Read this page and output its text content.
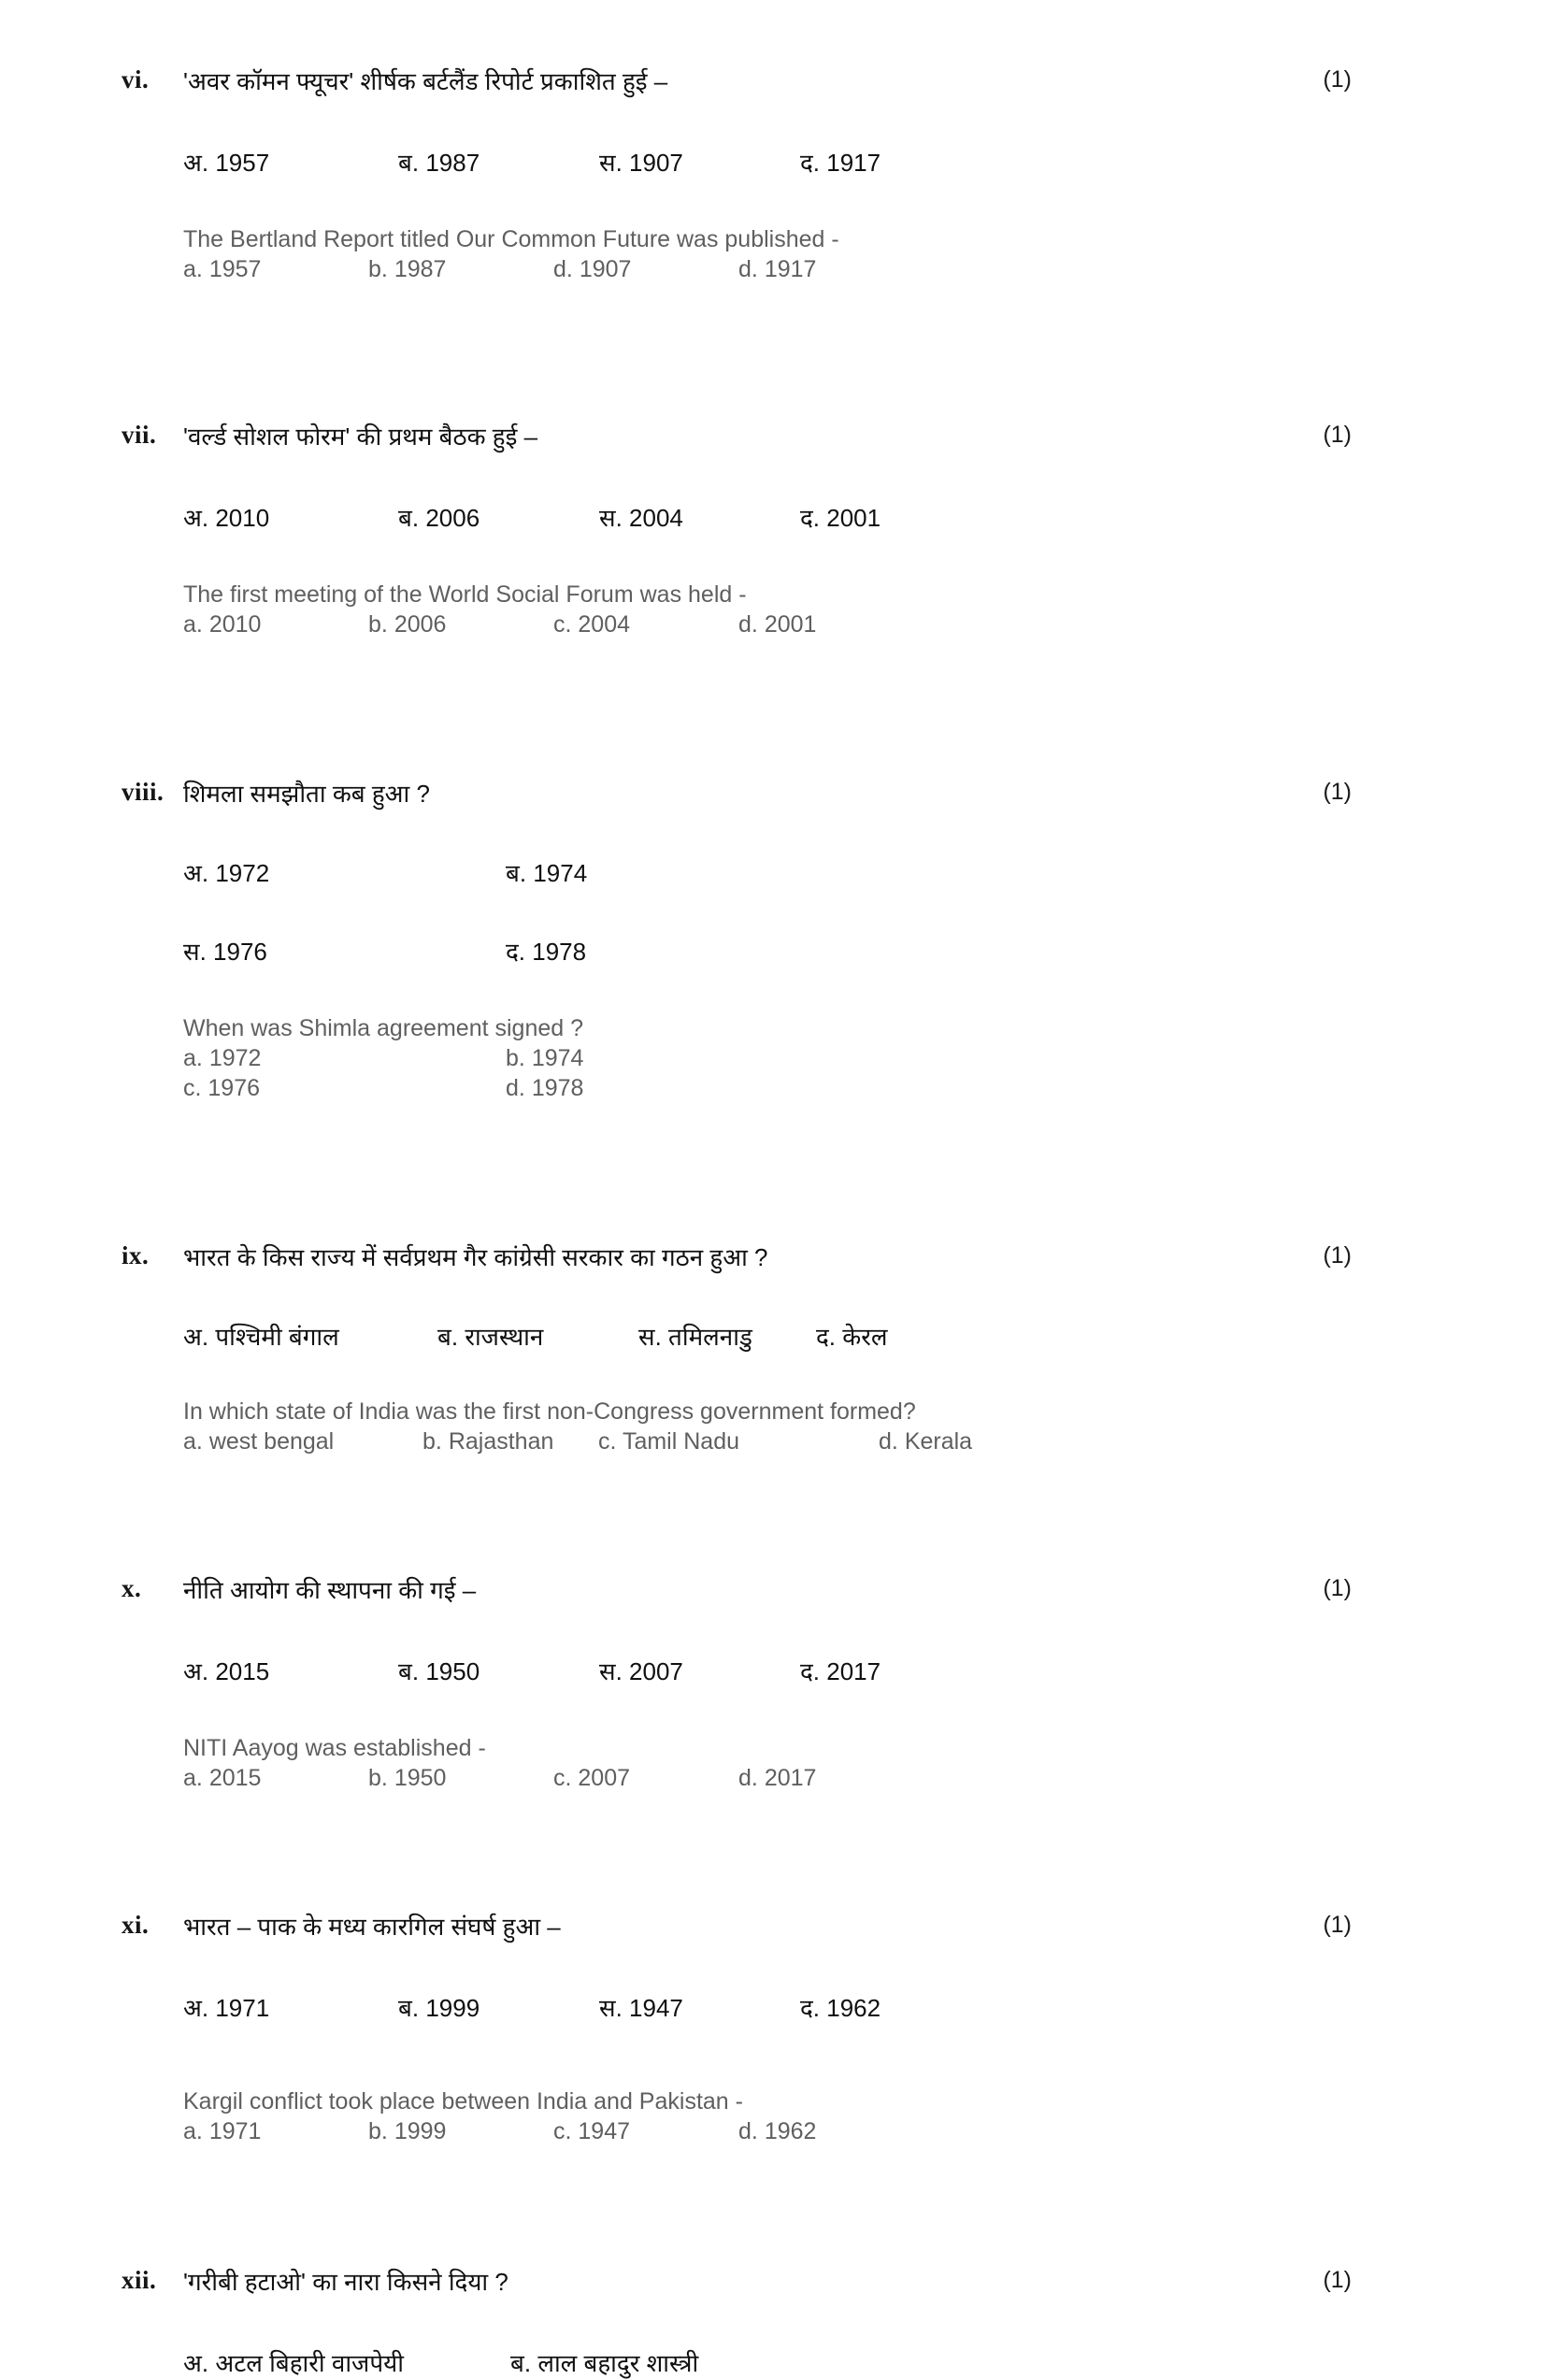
vi.	(1)
'अवर कॉमन फ्यूचर' शीर्षक बर्टलैंड रिपोर्ट प्रकाशित हुई –
अ. 1957	ब. 1987	स. 1907	द. 1917
The Bertland Report titled Our Common Future was published -
a. 1957	b. 1987	d. 1907	d. 1917
vii.	(1)
'वर्ल्ड सोशल फोरम' की प्रथम बैठक हुई –
अ. 2010	ब. 2006	स. 2004	द. 2001
The first meeting of the World Social Forum was held -
a. 2010	b. 2006	c. 2004	d. 2001
viii.	(1)
शिमला समझौता कब हुआ ?
अ. 1972	ब. 1974
स. 1976	द. 1978
When was Shimla agreement signed ?
a. 1972	b. 1974
c. 1976	d. 1978
ix.	(1)
भारत के किस राज्य में सर्वप्रथम गैर कांग्रेसी सरकार का गठन हुआ ?
अ. पश्चिमी बंगाल	ब. राजस्थान	स. तमिलनाडु	द. केरल
In which state of India was the first non-Congress government formed?
a. west bengal	b. Rajasthan	c. Tamil Nadu	d. Kerala
x.	(1)
नीति आयोग की स्थापना की गई –
अ. 2015	ब. 1950	स. 2007	द. 2017
NITI Aayog was established -
a. 2015	b. 1950	c. 2007	d. 2017
xi.	(1)
भारत – पाक के मध्य कारगिल संघर्ष हुआ –
अ. 1971	ब. 1999	स. 1947	द. 1962
Kargil conflict took place between India and Pakistan -
a. 1971	b. 1999	c. 1947	d. 1962
xii.	(1)
'गरीबी हटाओ' का नारा किसने दिया ?
अ. अटल बिहारी वाजपेयी	ब. लाल बहादुर शास्त्री
